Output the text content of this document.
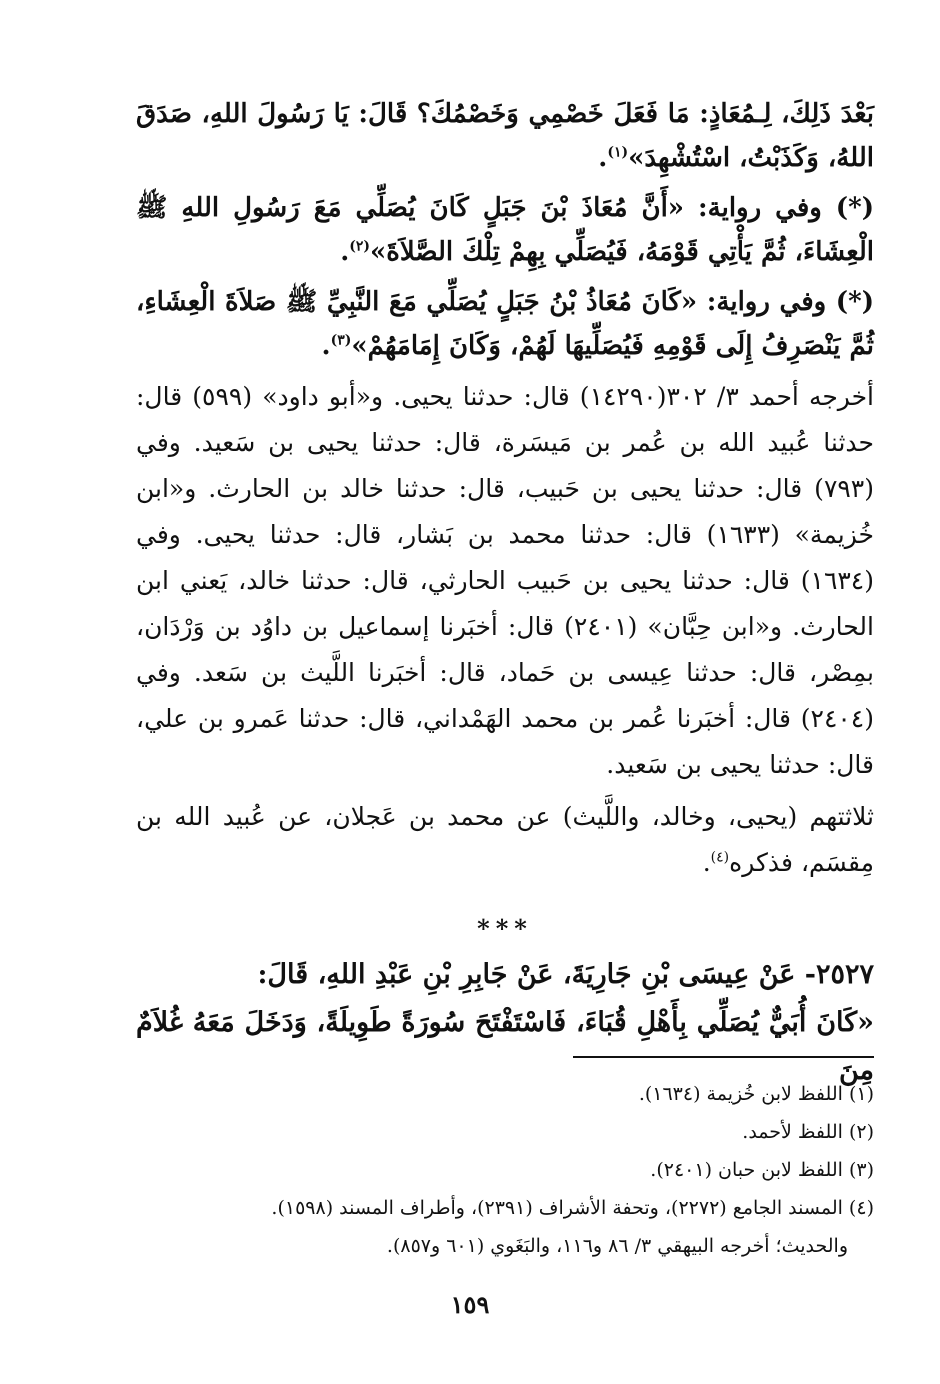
بَعْدَ ذَلِكَ، لِـمُعَاذٍ: مَا فَعَلَ خَصْمِي وَخَصْمُكَ؟ قَالَ: يَا رَسُولَ اللهِ، صَدَقَ اللهُ، وَكَذَبْتُ، اسْتُشْهِدَ»$^{(١)}$.

(*) وفي رواية: «أَنَّ مُعَاذَ بْنَ جَبَلٍ كَانَ يُصَلِّي مَعَ رَسُولِ اللهِ ﷺ الْعِشَاءَ، ثُمَّ يَأْتِي قَوْمَهُ، فَيُصَلِّي بِهِمْ تِلْكَ الصَّلاَةَ»$^{(٢)}$.

(*) وفي رواية: «كَانَ مُعَاذُ بْنُ جَبَلٍ يُصَلِّي مَعَ النَّبِيِّ ﷺ صَلاَةَ الْعِشَاءِ، ثُمَّ يَنْصَرِفُ إِلَى قَوْمِهِ فَيُصَلِّيهَا لَهُمْ، وَكَانَ إِمَامَهُمْ»$^{(٣)}$.

أخرجه أحمد ٣/ ٣٠٢(١٤٢٩٠) قال: حدثنا يحيى. و«أبو داود» (٥٩٩) قال: حدثنا عُبيد الله بن عُمر بن مَيسَرة، قال: حدثنا يحيى بن سَعيد. وفي (٧٩٣) قال: حدثنا يحيى بن حَبيب، قال: حدثنا خالد بن الحارث. و«ابن خُزيمة» (١٦٣٣) قال: حدثنا محمد بن بَشار، قال: حدثنا يحيى. وفي (١٦٣٤) قال: حدثنا يحيى بن حَبيب الحارثي، قال: حدثنا خالد، يَعني ابن الحارث. و«ابن حِبَّان» (٢٤٠١) قال: أخبَرنا إسماعيل بن داوُد بن وَرْدَان، بمِصْر، قال: حدثنا عِيسى بن حَماد، قال: أخبَرنا اللَّيث بن سَعد. وفي (٢٤٠٤) قال: أخبَرنا عُمر بن محمد الهَمْداني، قال: حدثنا عَمرو بن علي، قال: حدثنا يحيى بن سَعيد.

ثلاثتهم (يحيى، وخالد، واللَّيث) عن محمد بن عَجلان، عن عُبيد الله بن مِقسَم، فذكره$^{(٤)}$.

***

٢٥٢٧- عَنْ عِيسَى بْنِ جَارِيَةَ، عَنْ جَابِرِ بْنِ عَبْدِ اللهِ، قَالَ:

«كَانَ أُبَيٌّ يُصَلِّي بِأَهْلِ قُبَاءَ، فَاسْتَفْتَحَ سُورَةً طَوِيلَةً، وَدَخَلَ مَعَهُ غُلاَمٌ مِنَ

(١) اللفظ لابن خُزيمة (١٦٣٤).

(٢) اللفظ لأحمد.

(٣) اللفظ لابن حبان (٢٤٠١).

(٤) المسند الجامع (٢٢٧٢)، وتحفة الأشراف (٢٣٩١)، وأطراف المسند (١٥٩٨).

والحديث؛ أخرجه البيهقي ٣/ ٨٦ و١١٦، والبَغَوي (٦٠١ و٨٥٧).

١٥٩
